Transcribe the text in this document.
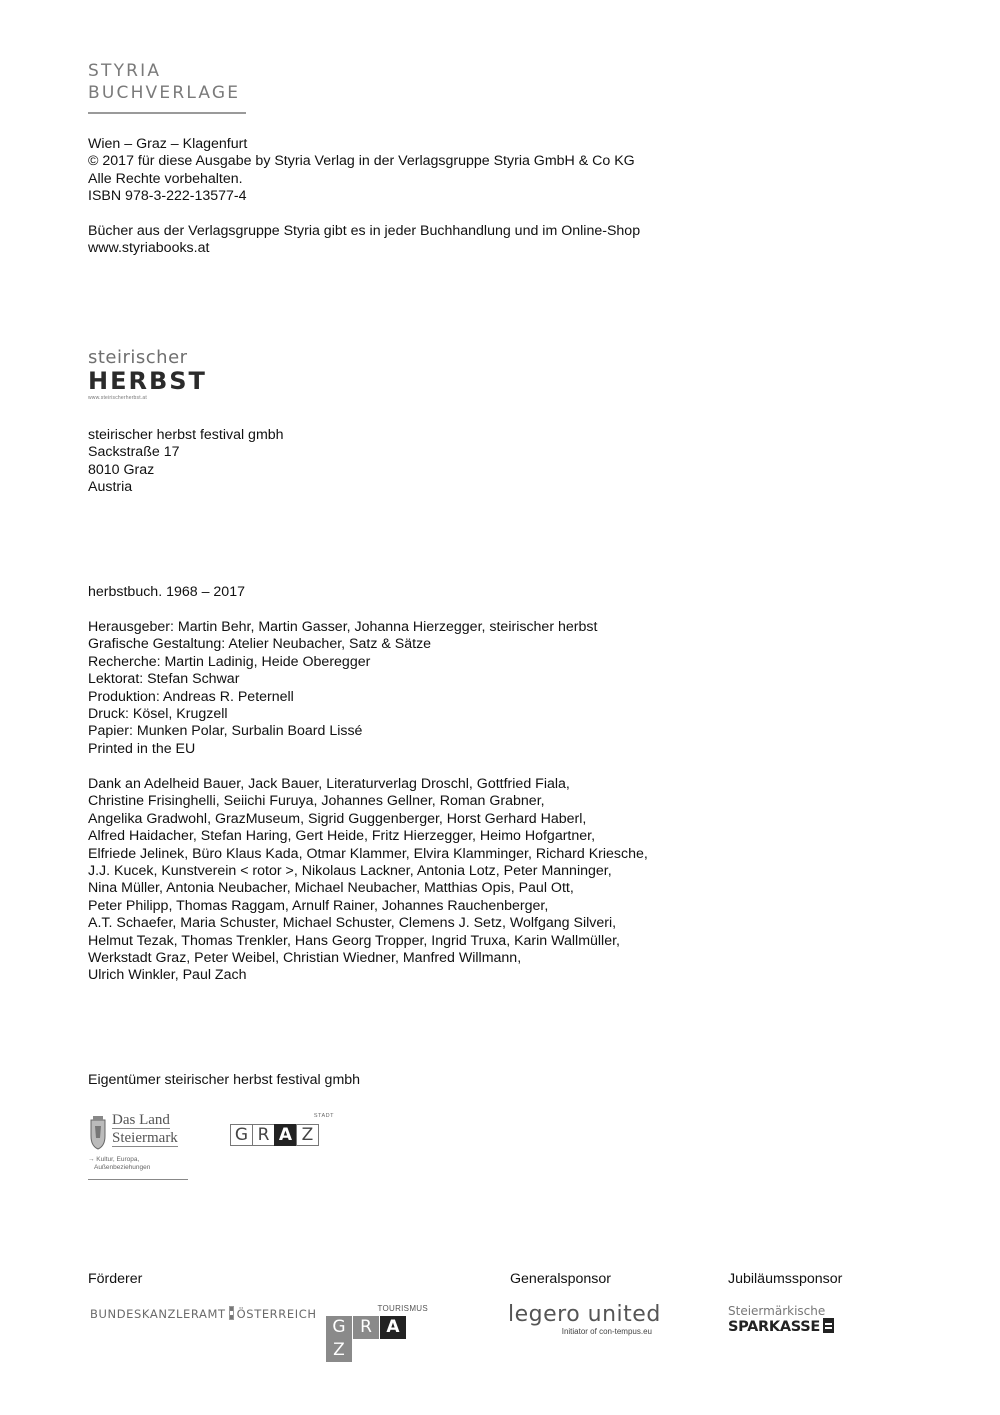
STYRIA
BUCHVERLAGE
Wien – Graz – Klagenfurt
© 2017 für diese Ausgabe by Styria Verlag in der Verlagsgruppe Styria GmbH & Co KG
Alle Rechte vorbehalten.
ISBN 978-3-222-13577-4
Bücher aus der Verlagsgruppe Styria gibt es in jeder Buchhandlung und im Online-Shop
www.styriabooks.at
steirischer
HERBST
www.steirischerherbst.at
steirischer herbst festival gmbh
Sackstraße 17
8010 Graz
Austria
herbstbuch. 1968 – 2017
Herausgeber: Martin Behr, Martin Gasser, Johanna Hierzegger, steirischer herbst
Grafische Gestaltung: Atelier Neubacher, Satz & Sätze
Recherche: Martin Ladinig, Heide Oberegger
Lektorat: Stefan Schwar
Produktion: Andreas R. Peternell
Druck: Kösel, Krugzell
Papier: Munken Polar, Surbalin Board Lissé
Printed in the EU
Dank an Adelheid Bauer, Jack Bauer, Literaturverlag Droschl, Gottfried Fiala,
Christine Frisinghelli, Seiichi Furuya, Johannes Gellner, Roman Grabner,
Angelika Gradwohl, GrazMuseum, Sigrid Guggenberger, Horst Gerhard Haberl,
Alfred Haidacher, Stefan Haring, Gert Heide, Fritz Hierzegger, Heimo Hofgartner,
Elfriede Jelinek, Büro Klaus Kada, Otmar Klammer, Elvira Klamminger, Richard Kriesche,
J.J. Kucek, Kunstverein < rotor >, Nikolaus Lackner, Antonia Lotz, Peter Manninger,
Nina Müller, Antonia Neubacher, Michael Neubacher, Matthias Opis, Paul Ott,
Peter Philipp, Thomas Raggam, Arnulf Rainer, Johannes Rauchenberger,
A.T. Schaefer, Maria Schuster, Michael Schuster, Clemens J. Setz, Wolfgang Silveri,
Helmut Tezak, Thomas Trenkler, Hans Georg Tropper, Ingrid Truxa, Karin Wallmüller,
Werkstadt Graz, Peter Weibel, Christian Wiedner, Manfred Willmann,
Ulrich Winkler, Paul Zach
Eigentümer steirischer herbst festival gmbh
Das Land
Steiermark
→ Kultur, Europa,
Außenbeziehungen
STADT
G R A Z
Förderer	Generalsponsor	Jubiläumssponsor
BUNDESKANZLERAMT ÖSTERREICH	TOURISMUS
G R AZ
legero united
Initiator of con-tempus.eu
Steiermärkische
SPARKASSE
